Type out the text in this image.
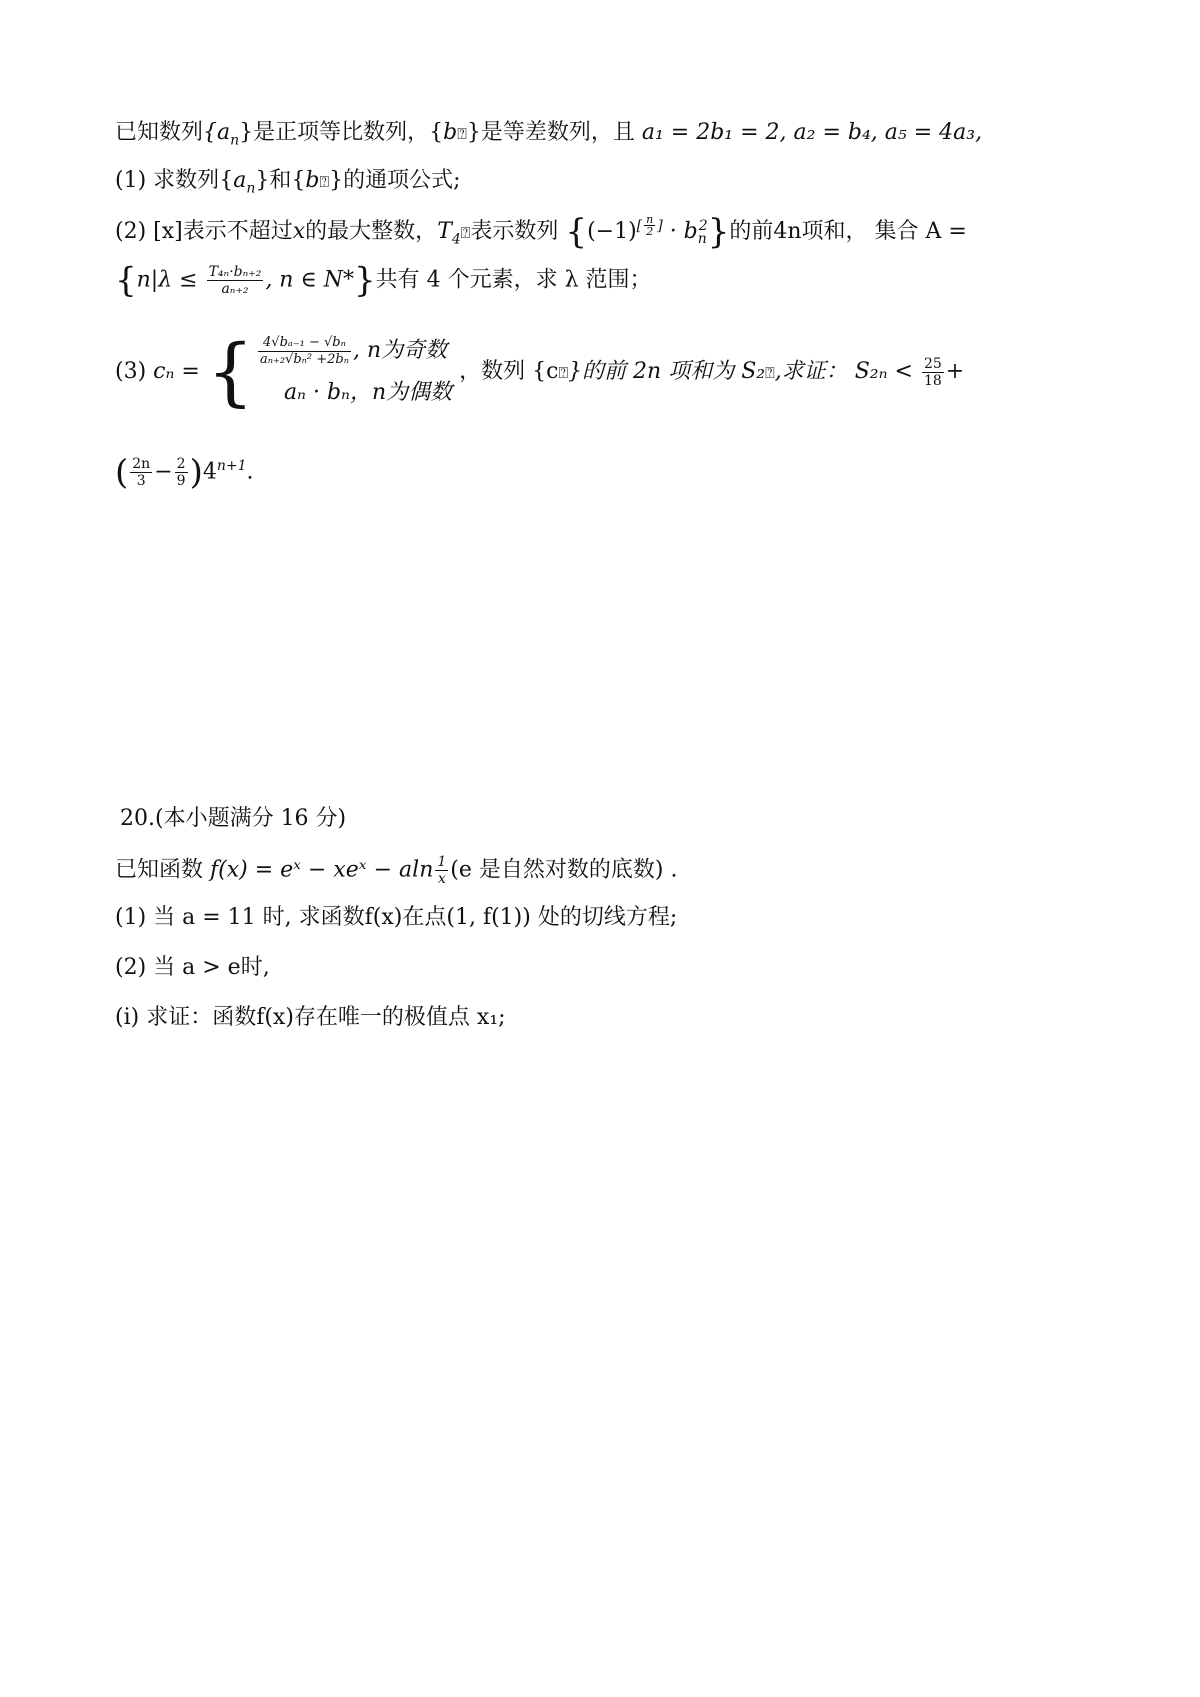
已知数列$\{a_n\}$是正项等比数列，{b⍰}是等差数列，且 a₁ = 2b₁ = 2, a₂ = b₄, a₅ = 4a₃,
(1) 求数列$\{a_n\}$和{b⍰}的通项公式;
(2) [x]表示不超过x的最大整数，$T_4⍰$表示数列 $\{(-1)[ n 2 ] \cdot b_n^2\}$的前4n项和， 集合 A =
{$n|\lambda \le \frac{\text{T₄ₙ·bₙ₊₂}}{\text{aₙ₊₂}}$ , n ∈ N*}共有 4 个元素，求 λ 范围；
(3) cₙ = { $\frac{\text{4√bₐ₋₁ − √bₙ}}{\text{aₙ₊₂√bₙ² +2bₙ}}$ , n为奇数
aₙ · bₙ，n为偶数
，数列 {c⍰}的前 2n 项和为 S₂⍰,求证： $S_{2n} < \frac{25}{18}$ +
( $\frac{2n}{3} - \frac{2}{9} )4^{n+1}$.
20.(本小题满分 16 分)
已知函数 f(x) = eˣ − xeˣ − aln $\frac{1}{x} (e$ 是自然对数的底数) .
(1) 当 a = 11 时, 求函数f(x)在点(1, f(1)) 处的切线方程;
(2) 当 a > e时,
(i) 求证：函数f(x)存在唯一的极值点 x₁;
